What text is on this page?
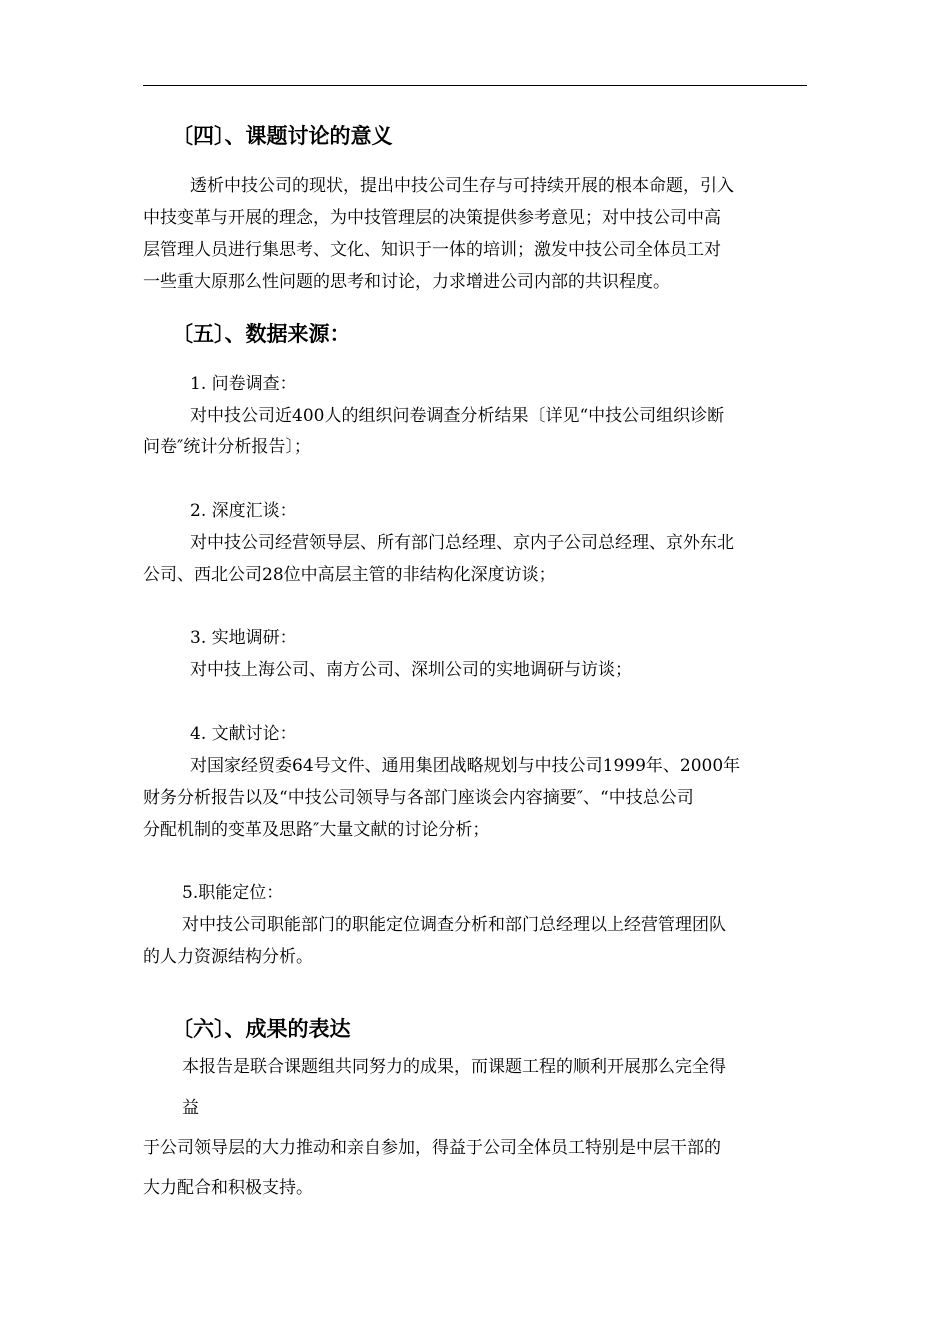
〔四〕、课题讨论的意义
透析中技公司的现状，提出中技公司生存与可持续开展的根本命题，引入
中技变革与开展的理念，为中技管理层的决策提供参考意见；对中技公司中高
层管理人员进行集思考、文化、知识于一体的培训；激发中技公司全体员工对
一些重大原那么性问题的思考和讨论，力求增进公司内部的共识程度。
〔五〕、数据来源：
1. 问卷调查：
对中技公司近400人的组织问卷调查分析结果〔详见“中技公司组织诊断
问卷″统计分析报告〕；
2. 深度汇谈：
对中技公司经营领导层、所有部门总经理、京内子公司总经理、京外东北
公司、西北公司28位中高层主管的非结构化深度访谈；
3. 实地调研：
对中技上海公司、南方公司、深圳公司的实地调研与访谈；
4. 文献讨论：
对国家经贸委64号文件、通用集团战略规划与中技公司1999年、2000年
财务分析报告以及“中技公司领导与各部门座谈会内容摘要″、“中技总公司
分配机制的变革及思路″大量文献的讨论分析；
5.职能定位：
对中技公司职能部门的职能定位调查分析和部门总经理以上经营管理团队
的人力资源结构分析。
〔六〕、成果的表达
本报告是联合课题组共同努力的成果，而课题工程的顺利开展那么完全得
益
于公司领导层的大力推动和亲自参加，得益于公司全体员工特别是中层干部的
大力配合和积极支持。
